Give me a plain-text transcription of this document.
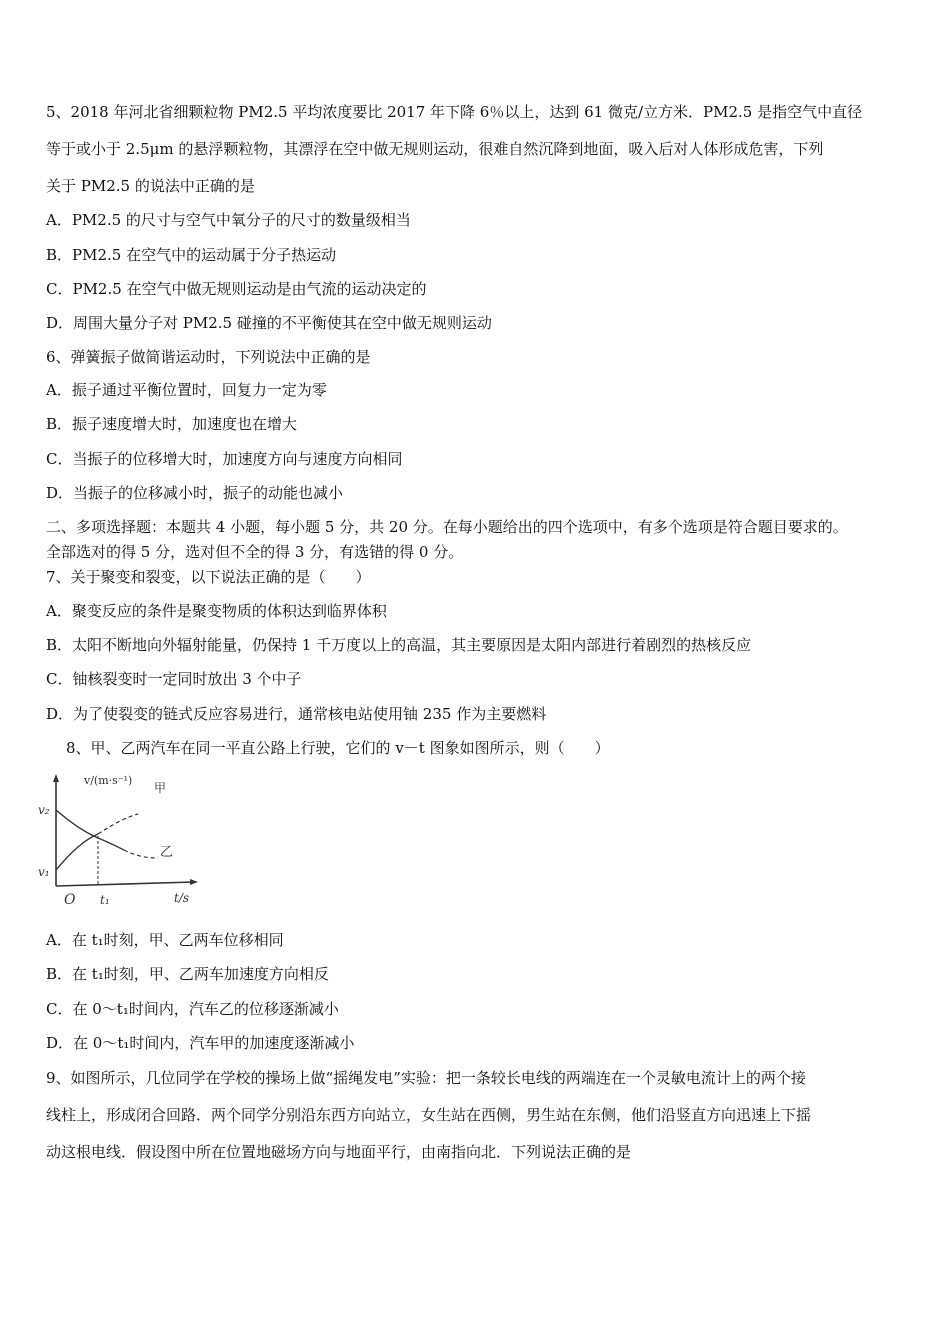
5、2018 年河北省细颗粒物 PM2.5 平均浓度要比 2017 年下降 6％以上，达到 61 微克/立方米．PM2.5 是指空气中直径
等于或小于 2.5μm 的悬浮颗粒物，其漂浮在空中做无规则运动，很难自然沉降到地面，吸入后对人体形成危害，下列
关于 PM2.5 的说法中正确的是
A．PM2.5 的尺寸与空气中氧分子的尺寸的数量级相当
B．PM2.5 在空气中的运动属于分子热运动
C．PM2.5 在空气中做无规则运动是由气流的运动决定的
D．周围大量分子对 PM2.5 碰撞的不平衡使其在空中做无规则运动
6、弹簧振子做简谐运动时，下列说法中正确的是
A．振子通过平衡位置时，回复力一定为零
B．振子速度增大时，加速度也在增大
C．当振子的位移增大时，加速度方向与速度方向相同
D．当振子的位移减小时，振子的动能也减小
二、多项选择题：本题共 4 小题，每小题 5 分，共 20 分。在每小题给出的四个选项中，有多个选项是符合题目要求的。
全部选对的得 5 分，选对但不全的得 3 分，有选错的得 0 分。
7、关于聚变和裂变，以下说法正确的是（　　）
A．聚变反应的条件是聚变物质的体积达到临界体积
B．太阳不断地向外辐射能量，仍保持 1 千万度以上的高温，其主要原因是太阳内部进行着剧烈的热核反应
C．铀核裂变时一定同时放出 3 个中子
D．为了使裂变的链式反应容易进行，通常核电站使用铀 235 作为主要燃料
8、甲、乙两汽车在同一平直公路上行驶，它们的 v－t 图象如图所示，则（　　）
v/(m·s⁻¹)
甲
乙
v₂
v₁
O t₁	t/s
A．在 t₁时刻，甲、乙两车位移相同
B．在 t₁时刻，甲、乙两车加速度方向相反
C．在 0～t₁时间内，汽车乙的位移逐渐减小
D．在 0～t₁时间内，汽车甲的加速度逐渐减小
9、如图所示，几位同学在学校的操场上做“摇绳发电”实验：把一条较长电线的两端连在一个灵敏电流计上的两个接
线柱上，形成闭合回路．两个同学分别沿东西方向站立，女生站在西侧，男生站在东侧，他们沿竖直方向迅速上下摇
动这根电线．假设图中所在位置地磁场方向与地面平行，由南指向北．下列说法正确的是
